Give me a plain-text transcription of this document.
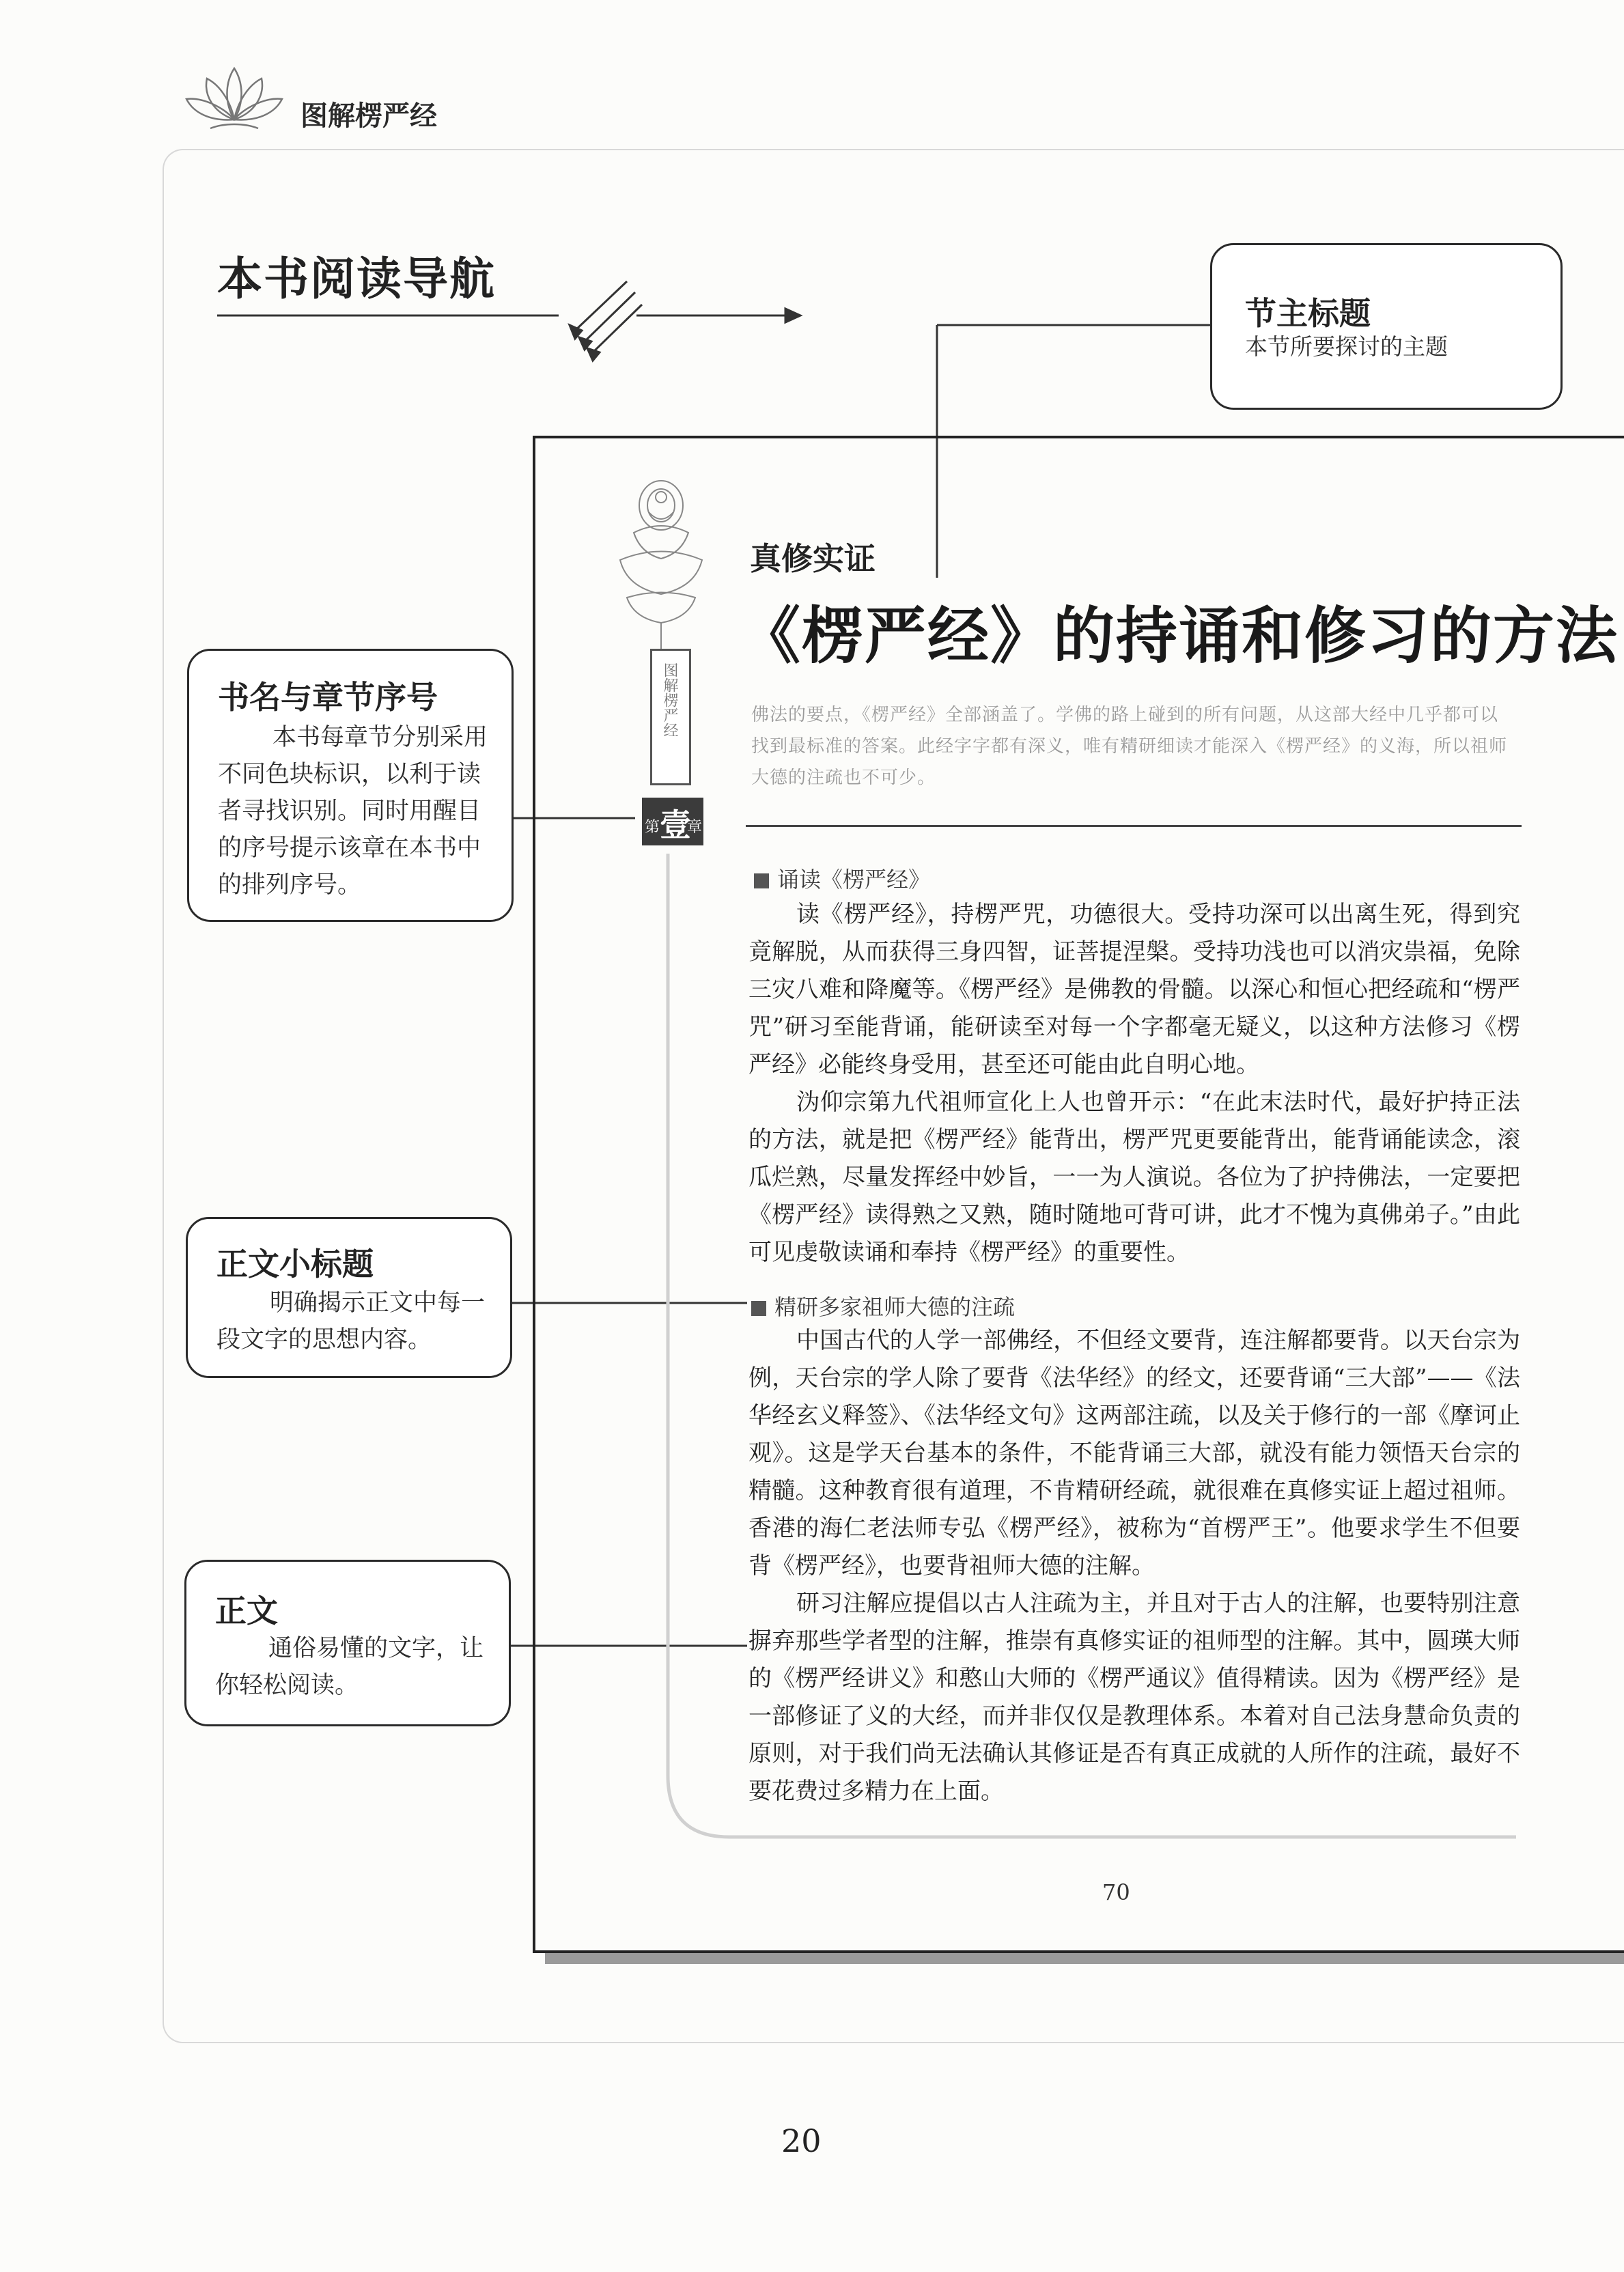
图解楞严经
本书阅读导航
节主标题
本节所要探讨的主题
书名与章节序号
本书每章节分别采用不同色块标识，以利于读者寻找识别。同时用醒目的序号提示该章在本书中的排列序号。
正文小标题
明确揭示正文中每一段文字的思想内容。
正文
通俗易懂的文字，让你轻松阅读。
图解楞严经
第 壹
章
真修实证
《楞严经》的持诵和修习的方法
佛法的要点，《楞严经》全部涵盖了。学佛的路上碰到的所有问题，从这部大经中几乎都可以找到最标准的答案。此经字字都有深义，唯有精研细读才能深入《楞严经》的义海，所以祖师大德的注疏也不可少。
诵读《楞严经》
读《楞严经》，持楞严咒，功德很大。受持功深可以出离生死，得到究竟解脱，从而获得三身四智，证菩提涅槃。受持功浅也可以消灾祟福，免除三灾八难和降魔等。《楞严经》是佛教的骨髓。以深心和恒心把经疏和“楞严咒”研习至能背诵，能研读至对每一个字都毫无疑义，以这种方法修习《楞严经》必能终身受用，甚至还可能由此自明心地。
沩仰宗第九代祖师宣化上人也曾开示：“在此末法时代，最好护持正法的方法，就是把《楞严经》能背出，楞严咒更要能背出，能背诵能读念，滚瓜烂熟，尽量发挥经中妙旨，一一为人演说。各位为了护持佛法，一定要把《楞严经》读得熟之又熟，随时随地可背可讲，此才不愧为真佛弟子。”由此可见虔敬读诵和奉持《楞严经》的重要性。
精研多家祖师大德的注疏
中国古代的人学一部佛经，不但经文要背，连注解都要背。以天台宗为例，天台宗的学人除了要背《法华经》的经文，还要背诵“三大部”——《法华经玄义释签》、《法华经文句》这两部注疏，以及关于修行的一部《摩诃止观》。这是学天台基本的条件，不能背诵三大部，就没有能力领悟天台宗的精髓。这种教育很有道理，不肯精研经疏，就很难在真修实证上超过祖师。香港的海仁老法师专弘《楞严经》，被称为“首楞严王”。他要求学生不但要背《楞严经》，也要背祖师大德的注解。
研习注解应提倡以古人注疏为主，并且对于古人的注解，也要特别注意摒弃那些学者型的注解，推崇有真修实证的祖师型的注解。其中，圆瑛大师的《楞严经讲义》和憨山大师的《楞严通议》值得精读。因为《楞严经》是一部修证了义的大经，而并非仅仅是教理体系。本着对自己法身慧命负责的原则，对于我们尚无法确认其修证是否有真正成就的人所作的注疏，最好不要花费过多精力在上面。
70
20
